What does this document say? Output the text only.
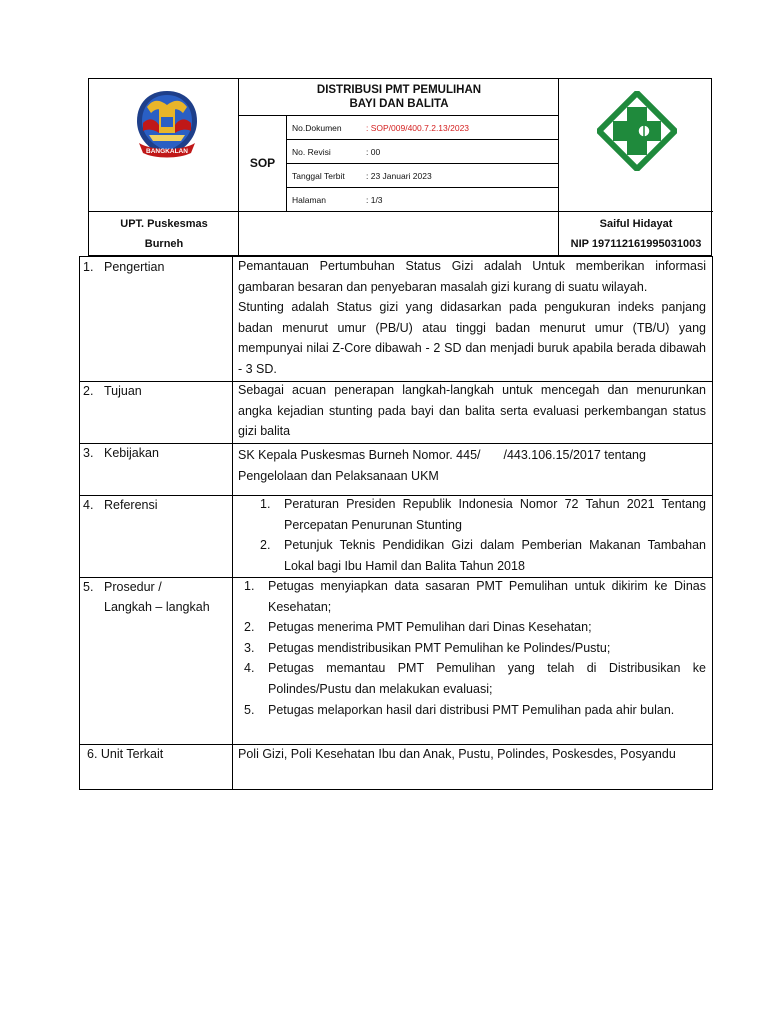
BANGKALAN
DISTRIBUSI PMT PEMULIHAN
BAYI DAN BALITA
SOP
No.Dokumen	: SOP/009/400.7.2.13/2023
No. Revisi	: 00
Tanggal Terbit	: 23 Januari 2023
Halaman	: 1/3
UPT. Puskesmas
Burneh
Saiful Hidayat
NIP 197112161995031003
1. Pengertian	Pemantauan Pertumbuhan Status Gizi adalah Untuk memberikan informasi gambaran besaran dan penyebaran masalah gizi kurang di suatu wilayah.

Stunting adalah Status gizi yang didasarkan pada pengukuran indeks panjang badan menurut umur (PB/U) atau tinggi badan menurut umur (TB/U) yang mempunyai nilai Z-Core dibawah - 2 SD dan menjadi buruk apabila berada dibawah - 3 SD.

2. Tujuan	Sebagai acuan penerapan langkah-langkah untuk mencegah dan menurunkan angka kejadian stunting pada bayi dan balita serta evaluasi perkembangan status gizi balita

3. Kebijakan	SK Kepala Puskesmas Burneh Nomor. 445/ /443.106.15/2017 tentang
Pengelolaan dan Pelaksanaan UKM
4. Referensi	1.	Peraturan Presiden Republik Indonesia Nomor 72 Tahun 2021 Tentang Percepatan Penurunan Stunting
2.	Petunjuk Teknis Pendidikan Gizi dalam Pemberian Makanan Tambahan Lokal bagi Ibu Hamil dan Balita Tahun 2018
5. Prosedur /
Langkah – langkah
1.	Petugas menyiapkan data sasaran PMT Pemulihan untuk dikirim ke Dinas Kesehatan;
2.	Petugas menerima PMT Pemulihan dari Dinas Kesehatan;
3.	Petugas mendistribusikan PMT Pemulihan ke Polindes/Pustu;
4.	Petugas memantau PMT Pemulihan yang telah di Distribusikan ke Polindes/Pustu dan melakukan evaluasi;
5.	Petugas melaporkan hasil dari distribusi PMT Pemulihan pada ahir bulan.
6. Unit Terkait	Poli Gizi, Poli Kesehatan Ibu dan Anak, Pustu, Polindes, Poskesdes, Posyandu
